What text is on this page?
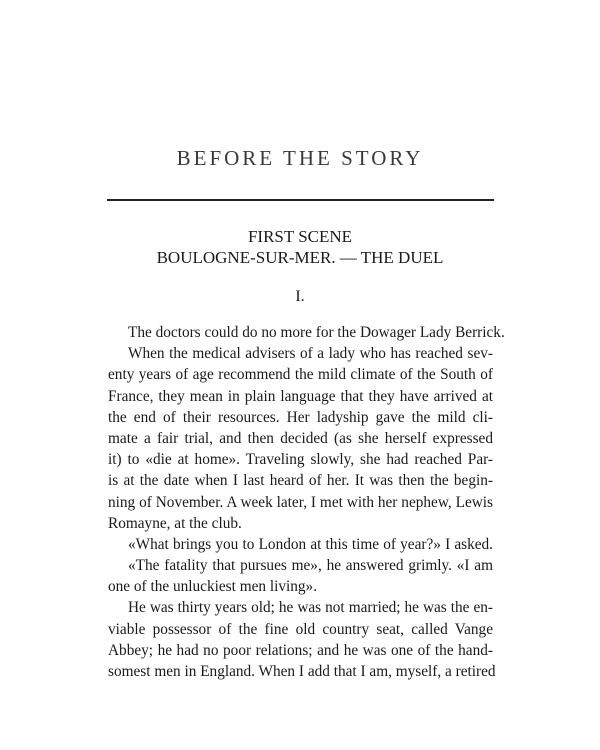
BEFORE THE STORY
FIRST SCENE
BOULOGNE-SUR-MER. — THE DUEL

I.

The doctors could do no more for the Dowager Lady Berrick.
When the medical advisers of a lady who has reached sev-
enty years of age recommend the mild climate of the South of
France, they mean in plain language that they have arrived at
the end of their resources. Her ladyship gave the mild cli-
mate a fair trial, and then decided (as she herself expressed
it) to «die at home». Traveling slowly, she had reached Par-
is at the date when I last heard of her. It was then the begin-
ning of November. A week later, I met with her nephew, Lewis
Romayne, at the club.
«What brings you to London at this time of year?» I asked.
«The fatality that pursues me», he answered grimly. «I am
one of the unluckiest men living».
He was thirty years old; he was not married; he was the en-
viable possessor of the fine old country seat, called Vange
Abbey; he had no poor relations; and he was one of the hand-
somest men in England. When I add that I am, myself, a retired
